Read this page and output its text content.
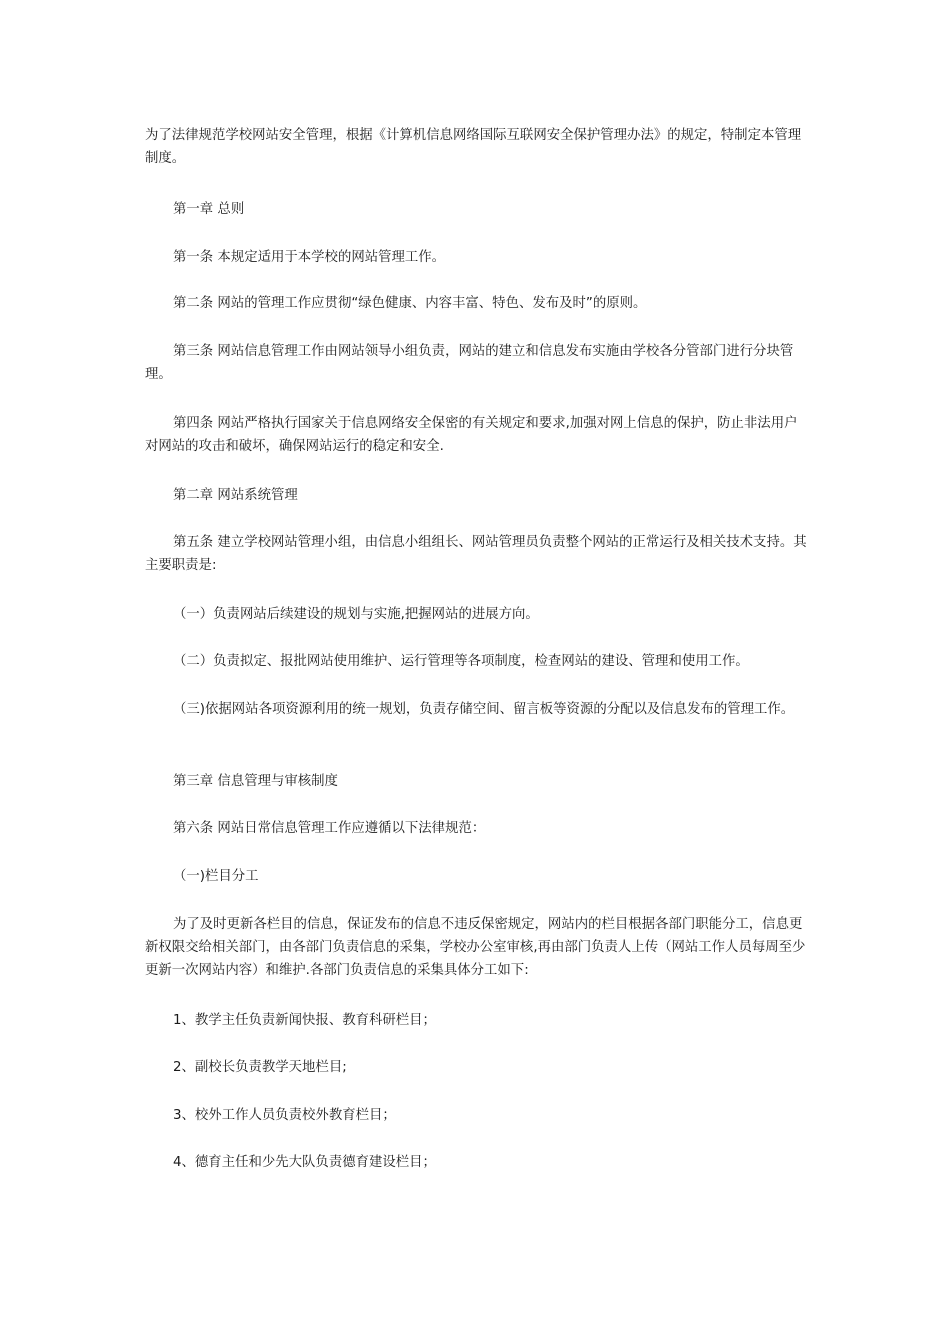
为了法律规范学校网站安全管理，根据《计算机信息网络国际互联网安全保护管理办法》的规定，特制定本管理制度。

第一章 总则

第一条 本规定适用于本学校的网站管理工作。

第二条 网站的管理工作应贯彻“绿色健康、内容丰富、特色、发布及时”的原则。

第三条 网站信息管理工作由网站领导小组负责，网站的建立和信息发布实施由学校各分管部门进行分块管理。

第四条 网站严格执行国家关于信息网络安全保密的有关规定和要求,加强对网上信息的保护，防止非法用户对网站的攻击和破坏，确保网站运行的稳定和安全.

第二章 网站系统管理

第五条 建立学校网站管理小组，由信息小组组长、网站管理员负责整个网站的正常运行及相关技术支持。其主要职责是:

（一）负责网站后续建设的规划与实施,把握网站的进展方向。

（二）负责拟定、报批网站使用维护、运行管理等各项制度，检查网站的建设、管理和使用工作。

（三)依据网站各项资源利用的统一规划，负责存储空间、留言板等资源的分配以及信息发布的管理工作。

第三章 信息管理与审核制度

第六条 网站日常信息管理工作应遵循以下法律规范：

（一)栏目分工

为了及时更新各栏目的信息，保证发布的信息不违反保密规定，网站内的栏目根据各部门职能分工，信息更新权限交给相关部门，由各部门负责信息的采集，学校办公室审核,再由部门负责人上传（网站工作人员每周至少更新一次网站内容）和维护.各部门负责信息的采集具体分工如下:

1、教学主任负责新闻快报、教育科研栏目；

2、副校长负责教学天地栏目;

3、校外工作人员负责校外教育栏目；

4、德育主任和少先大队负责德育建设栏目；
